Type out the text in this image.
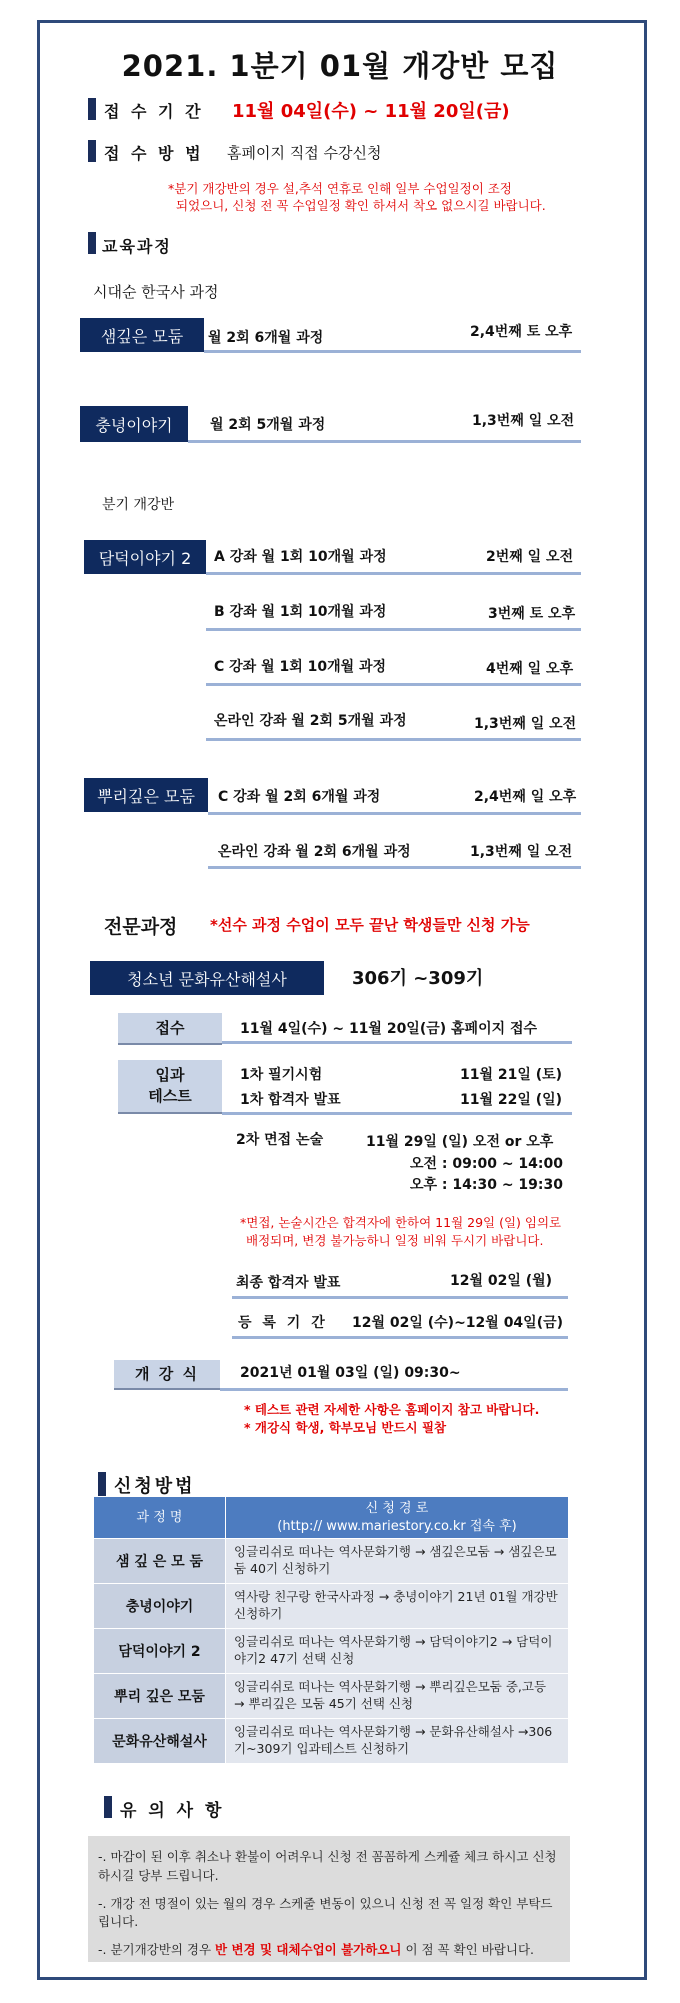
2021. 1분기 01월 개강반 모집
접 수 기 간 11월 04일(수) ~ 11월 20일(금)
접 수 방 법 홈페이지 직접 수강신청
*분기 개강반의 경우 설,추석 연휴로 인해 일부 수업일정이 조정
되었으니, 신청 전 꼭 수업일정 확인 하셔서 착오 없으시길 바랍니다.
교육과정
시대순 한국사 과정
샘깊은 모둠	월 2회 6개월 과정	2,4번째 토 오후
충녕이야기	월 2회 5개월 과정	1,3번째 일 오전
분기 개강반
담덕이야기 2	A 강좌 월 1회 10개월 과정	2번째 일 오전
B 강좌 월 1회 10개월 과정	3번째 토 오후
C 강좌 월 1회 10개월 과정	4번째 일 오후
온라인 강좌 월 2회 5개월 과정	1,3번째 일 오전
뿌리깊은 모둠	C 강좌 월 2회 6개월 과정	2,4번째 일 오후
온라인 강좌 월 2회 6개월 과정	1,3번째 일 오전
전문과정 *선수 과정 수업이 모두 끝난 학생들만 신청 가능
청소년 문화유산해설사	306기 ~309기
접수	11월 4일(수) ~ 11월 20일(금) 홈페이지 접수
입과
테스트
1차 필기시험	11월 21일 (토)
1차 합격자 발표	11월 22일 (일)
2차 면접 논술	11월 29일 (일) 오전 or 오후
오전 : 09:00 ~ 14:00
오후 : 14:30 ~ 19:30
*면접, 논술시간은 합격자에 한하여 11월 29일 (일) 임의로
배정되며, 변경 불가능하니 일정 비워 두시기 바랍니다.
최종 합격자 발표	12월 02일 (월)
등 록 기 간 12월 02일 (수)~12월 04일(금)
개 강 식	2021년 01월 03일 (일) 09:30~
* 테스트 관련 자세한 사항은 홈페이지 참고 바랍니다.
* 개강식 학생, 학부모님 반드시 필참
신청방법
과 정 명	신 청 경 로
(http:// www.mariestory.co.kr 접속 후)

샘 깊 은 모 둠	잉글리쉬로 떠나는 역사문화기행 → 샘깊은모둠 → 샘깊은모둠 40기 신청하기
충녕이야기	역사랑 친구랑 한국사과정 → 충녕이야기 21년 01월 개강반 신청하기
담덕이야기 2	잉글리쉬로 떠나는 역사문화기행 → 담덕이야기2 → 담덕이야기2 47기 선택 신청
뿌리 깊은 모둠	잉글리쉬로 떠나는 역사문화기행 → 뿌리깊은모둠 중,고등 → 뿌리깊은 모둠 45기 선택 신청
문화유산해설사	잉글리쉬로 떠나는 역사문화기행 → 문화유산해설사 →306기~309기 입과테스트 신청하기
유 의 사 항

-. 마감이 된 이후 취소나 환불이 어려우니 신청 전 꼼꼼하게 스케쥴 체크 하시고 신청하시길 당부 드립니다.

-. 개강 전 명절이 있는 월의 경우 스케줄 변동이 있으니 신청 전 꼭 일정 확인 부탁드립니다.

-. 분기개강반의 경우 반 변경 및 대체수업이 불가하오니 이 점 꼭 확인 바랍니다.
